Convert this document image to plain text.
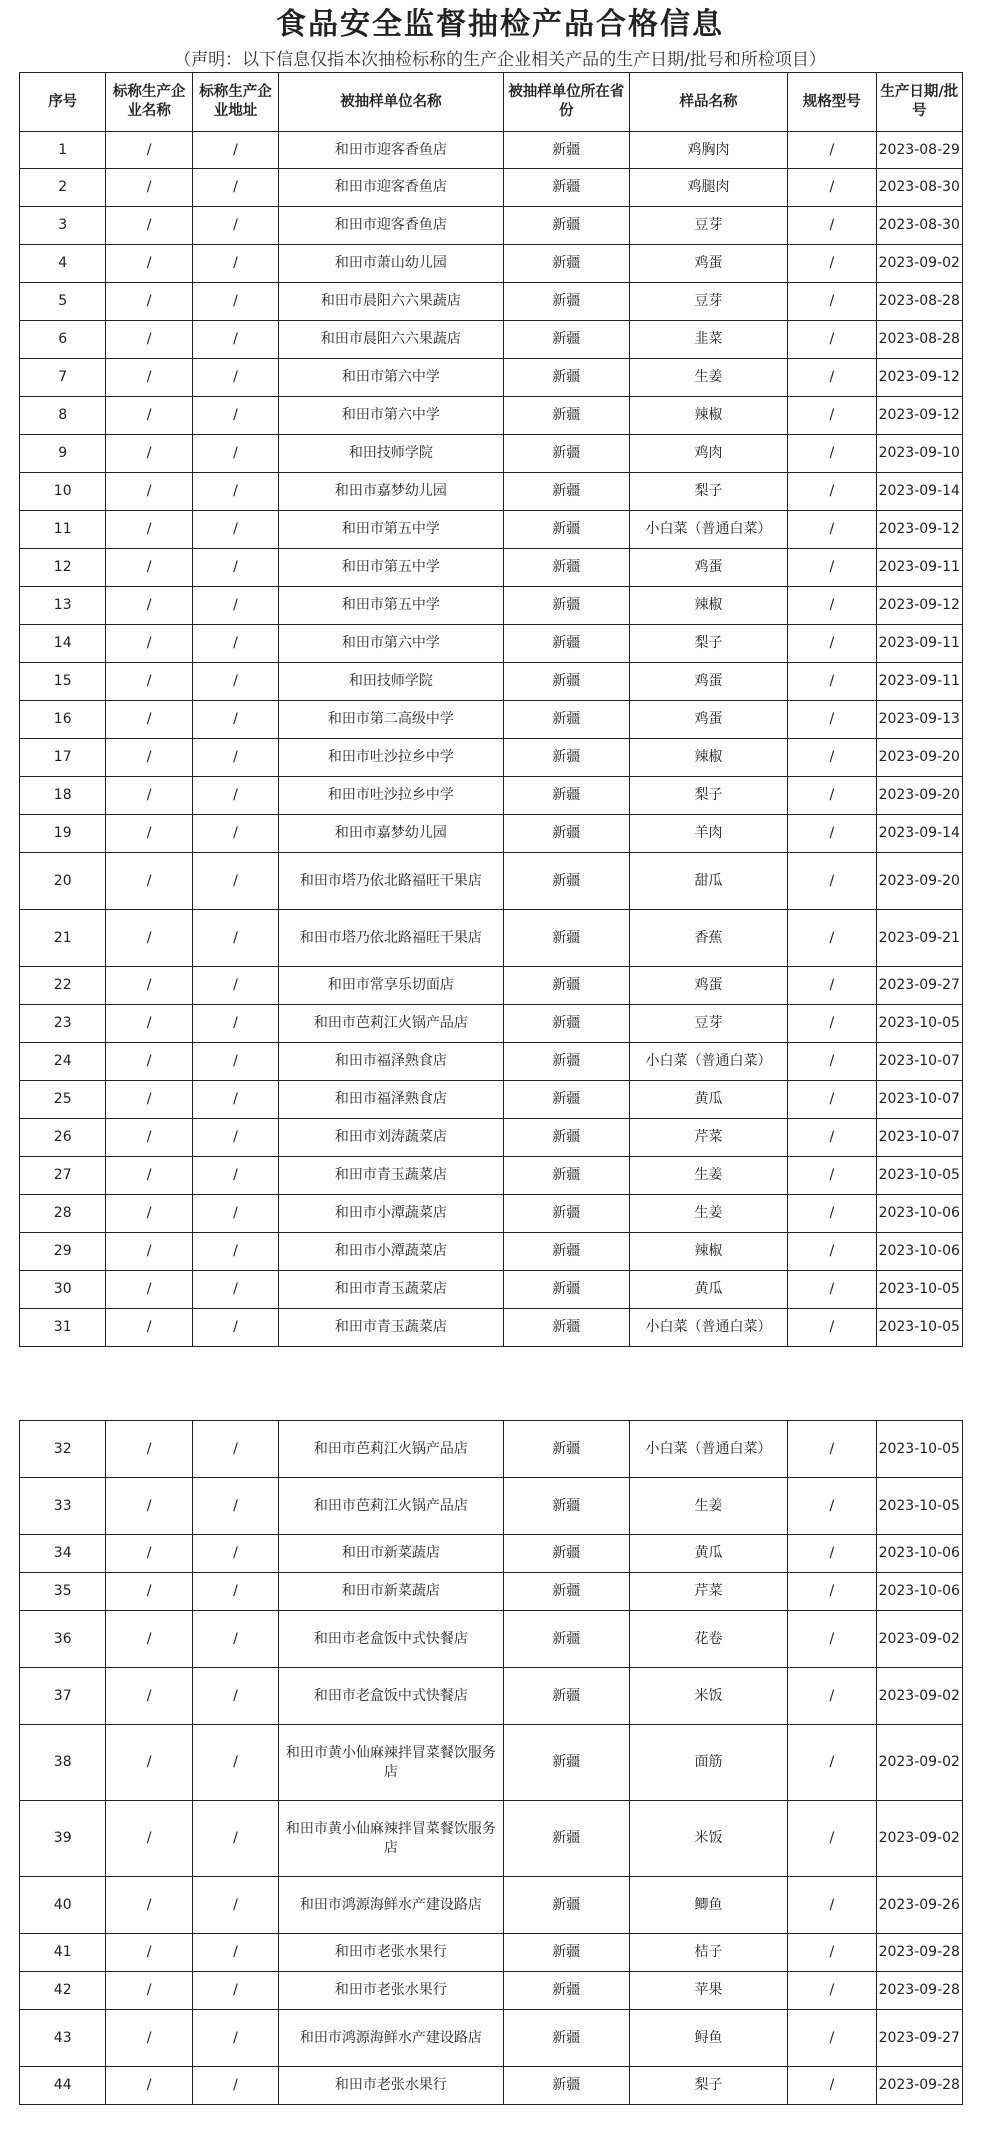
食品安全监督抽检产品合格信息
（声明：以下信息仅指本次抽检标称的生产企业相关产品的生产日期/批号和所检项目）
序号	标称生产企业名称	标称生产企业地址	被抽样单位名称	被抽样单位所在省份	样品名称	规格型号	生产日期/批号
1	/	/	和田市迎客香鱼店	新疆	鸡胸肉	/	2023-08-29
2	/	/	和田市迎客香鱼店	新疆	鸡腿肉	/	2023-08-30
3	/	/	和田市迎客香鱼店	新疆	豆芽	/	2023-08-30
4	/	/	和田市萧山幼儿园	新疆	鸡蛋	/	2023-09-02
5	/	/	和田市晨阳六六果蔬店	新疆	豆芽	/	2023-08-28
6	/	/	和田市晨阳六六果蔬店	新疆	韭菜	/	2023-08-28
7	/	/	和田市第六中学	新疆	生姜	/	2023-09-12
8	/	/	和田市第六中学	新疆	辣椒	/	2023-09-12
9	/	/	和田技师学院	新疆	鸡肉	/	2023-09-10
10	/	/	和田市嘉梦幼儿园	新疆	梨子	/	2023-09-14
11	/	/	和田市第五中学	新疆	小白菜（普通白菜）	/	2023-09-12
12	/	/	和田市第五中学	新疆	鸡蛋	/	2023-09-11
13	/	/	和田市第五中学	新疆	辣椒	/	2023-09-12
14	/	/	和田市第六中学	新疆	梨子	/	2023-09-11
15	/	/	和田技师学院	新疆	鸡蛋	/	2023-09-11
16	/	/	和田市第二高级中学	新疆	鸡蛋	/	2023-09-13
17	/	/	和田市吐沙拉乡中学	新疆	辣椒	/	2023-09-20
18	/	/	和田市吐沙拉乡中学	新疆	梨子	/	2023-09-20
19	/	/	和田市嘉梦幼儿园	新疆	羊肉	/	2023-09-14
20	/	/	和田市塔乃依北路福旺干果店	新疆	甜瓜	/	2023-09-20
21	/	/	和田市塔乃依北路福旺干果店	新疆	香蕉	/	2023-09-21
22	/	/	和田市常享乐切面店	新疆	鸡蛋	/	2023-09-27
23	/	/	和田市芭莉江火锅产品店	新疆	豆芽	/	2023-10-05
24	/	/	和田市福泽熟食店	新疆	小白菜（普通白菜）	/	2023-10-07
25	/	/	和田市福泽熟食店	新疆	黄瓜	/	2023-10-07
26	/	/	和田市刘涛蔬菜店	新疆	芹菜	/	2023-10-07
27	/	/	和田市青玉蔬菜店	新疆	生姜	/	2023-10-05
28	/	/	和田市小潭蔬菜店	新疆	生姜	/	2023-10-06
29	/	/	和田市小潭蔬菜店	新疆	辣椒	/	2023-10-06
30	/	/	和田市青玉蔬菜店	新疆	黄瓜	/	2023-10-05
31	/	/	和田市青玉蔬菜店	新疆	小白菜（普通白菜）	/	2023-10-05
32	/	/	和田市芭莉江火锅产品店	新疆	小白菜（普通白菜）	/	2023-10-05
33	/	/	和田市芭莉江火锅产品店	新疆	生姜	/	2023-10-05
34	/	/	和田市新菜蔬店	新疆	黄瓜	/	2023-10-06
35	/	/	和田市新菜蔬店	新疆	芹菜	/	2023-10-06
36	/	/	和田市老盒饭中式快餐店	新疆	花卷	/	2023-09-02
37	/	/	和田市老盒饭中式快餐店	新疆	米饭	/	2023-09-02
38	/	/	和田市黄小仙麻辣拌冒菜餐饮服务店	新疆	面筋	/	2023-09-02
39	/	/	和田市黄小仙麻辣拌冒菜餐饮服务店	新疆	米饭	/	2023-09-02
40	/	/	和田市鸿源海鲜水产建设路店	新疆	鲫鱼	/	2023-09-26
41	/	/	和田市老张水果行	新疆	桔子	/	2023-09-28
42	/	/	和田市老张水果行	新疆	苹果	/	2023-09-28
43	/	/	和田市鸿源海鲜水产建设路店	新疆	鲟鱼	/	2023-09-27
44	/	/	和田市老张水果行	新疆	梨子	/	2023-09-28
